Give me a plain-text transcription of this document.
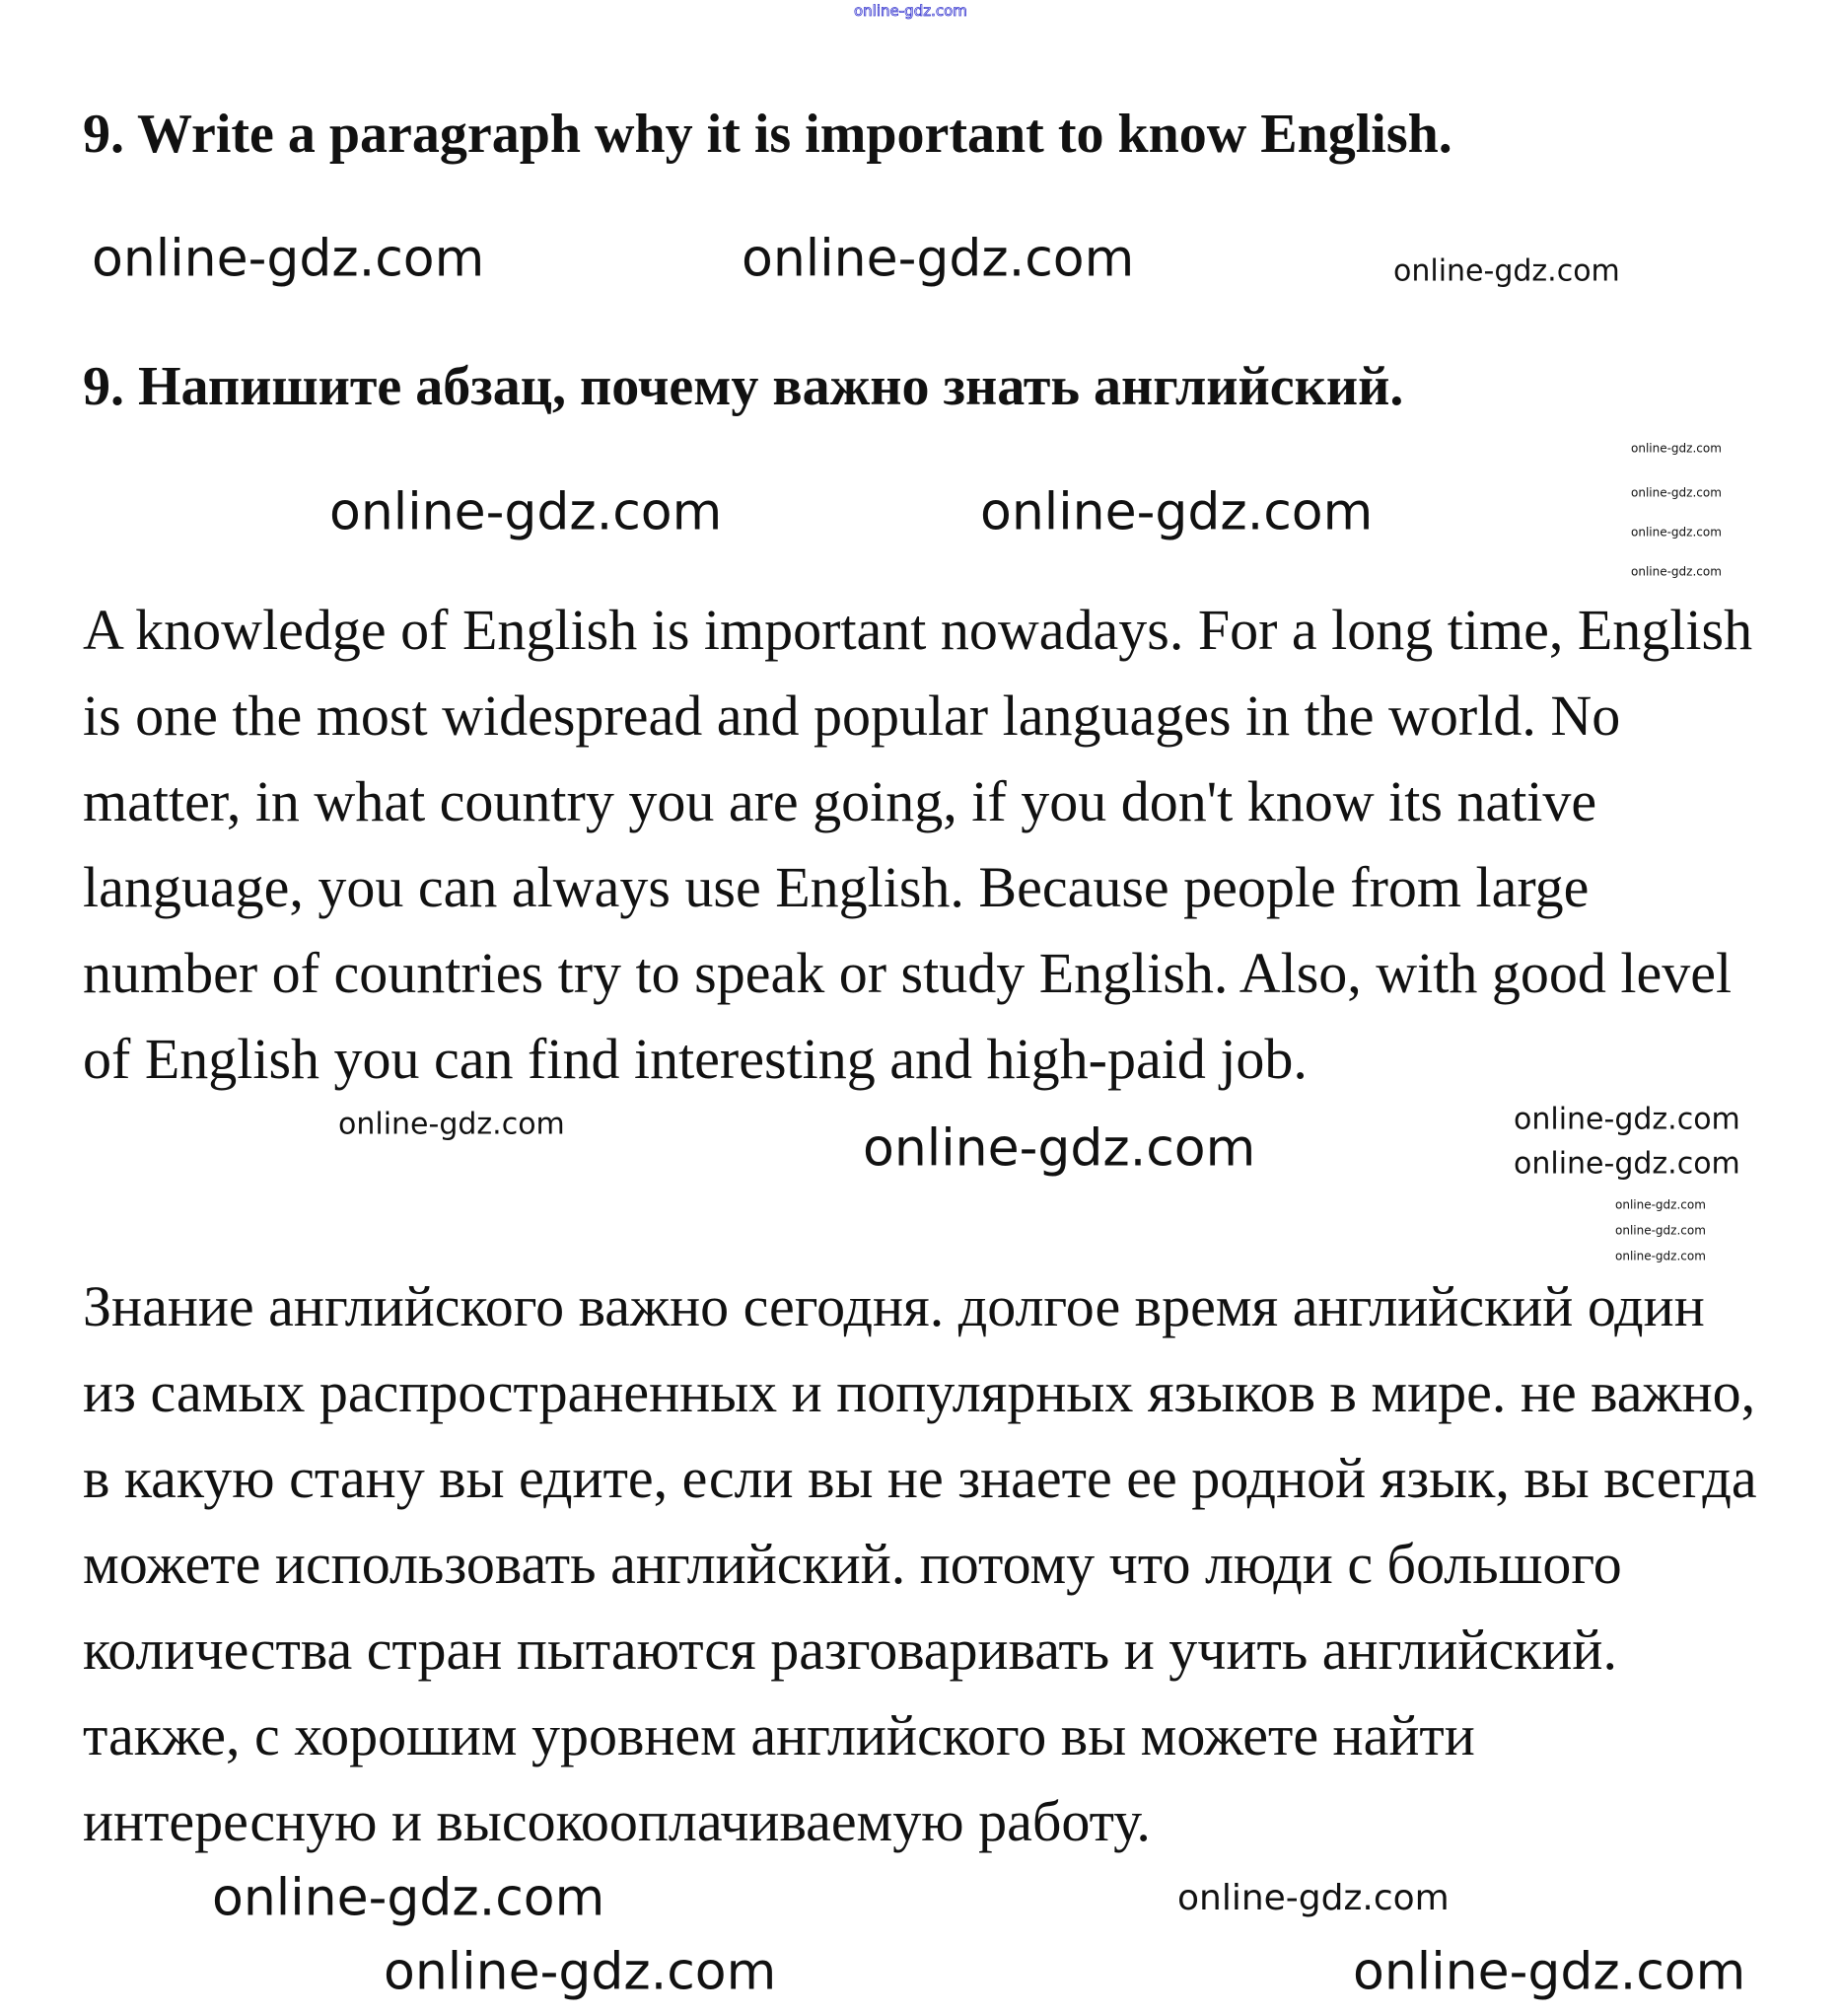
9. Write a paragraph why it is important to know English.
9. Напишите абзац, почему важно знать английский.
A knowledge of English is important nowadays. For a long time, English
is one the most widespread and popular languages in the world. No
matter, in what country you are going, if you don't know its native
language, you can always use English. Because people from large
number of countries try to speak or study English. Also, with good level
of English you can find interesting and high-paid job.
Знание английского важно сегодня. долгое время английский один
из самых распространенных и популярных языков в мире. не важно,
в какую стану вы едите, если вы не знаете ее родной язык, вы всегда
можете использовать английский. потому что люди с большого
количества стран пытаются разговаривать и учить английский.
также, с хорошим уровнем английского вы можете найти
интересную и высокооплачиваемую работу.
online-gdz.com
online-gdz.com	online-gdz.com	online-gdz.com
online-gdz.com
online-gdz.com
online-gdz.com
online-gdz.com
online-gdz.com	online-gdz.com
online-gdz.com	online-gdz.com
online-gdz.com
online-gdz.com
online-gdz.com
online-gdz.com
online-gdz.com
online-gdz.com	online-gdz.com
online-gdz.com	online-gdz.com
